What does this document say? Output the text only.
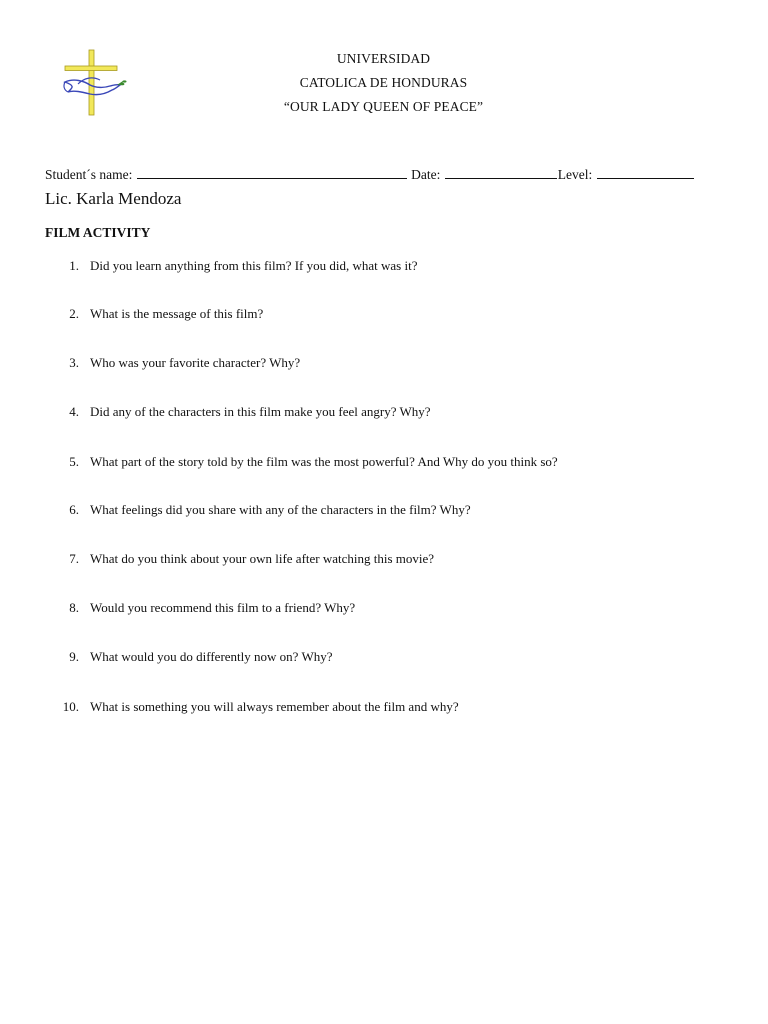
UNIVERSIDAD
CATOLICA DE HONDURAS
“OUR LADY QUEEN OF PEACE”
Student´s name:	Date:	Level:
Lic. Karla Mendoza
FILM ACTIVITY
1. Did you learn anything from this film? If you did, what was it?
2. What is the message of this film?
3. Who was your favorite character? Why?
4. Did any of the characters in this film make you feel angry? Why?
5. What part of the story told by the film was the most powerful? And Why do you think so?
6. What feelings did you share with any of the characters in the film? Why?
7. What do you think about your own life after watching this movie?
8. Would you recommend this film to a friend? Why?
9. What would you do differently now on? Why?
10. What is something you will always remember about the film and why?
